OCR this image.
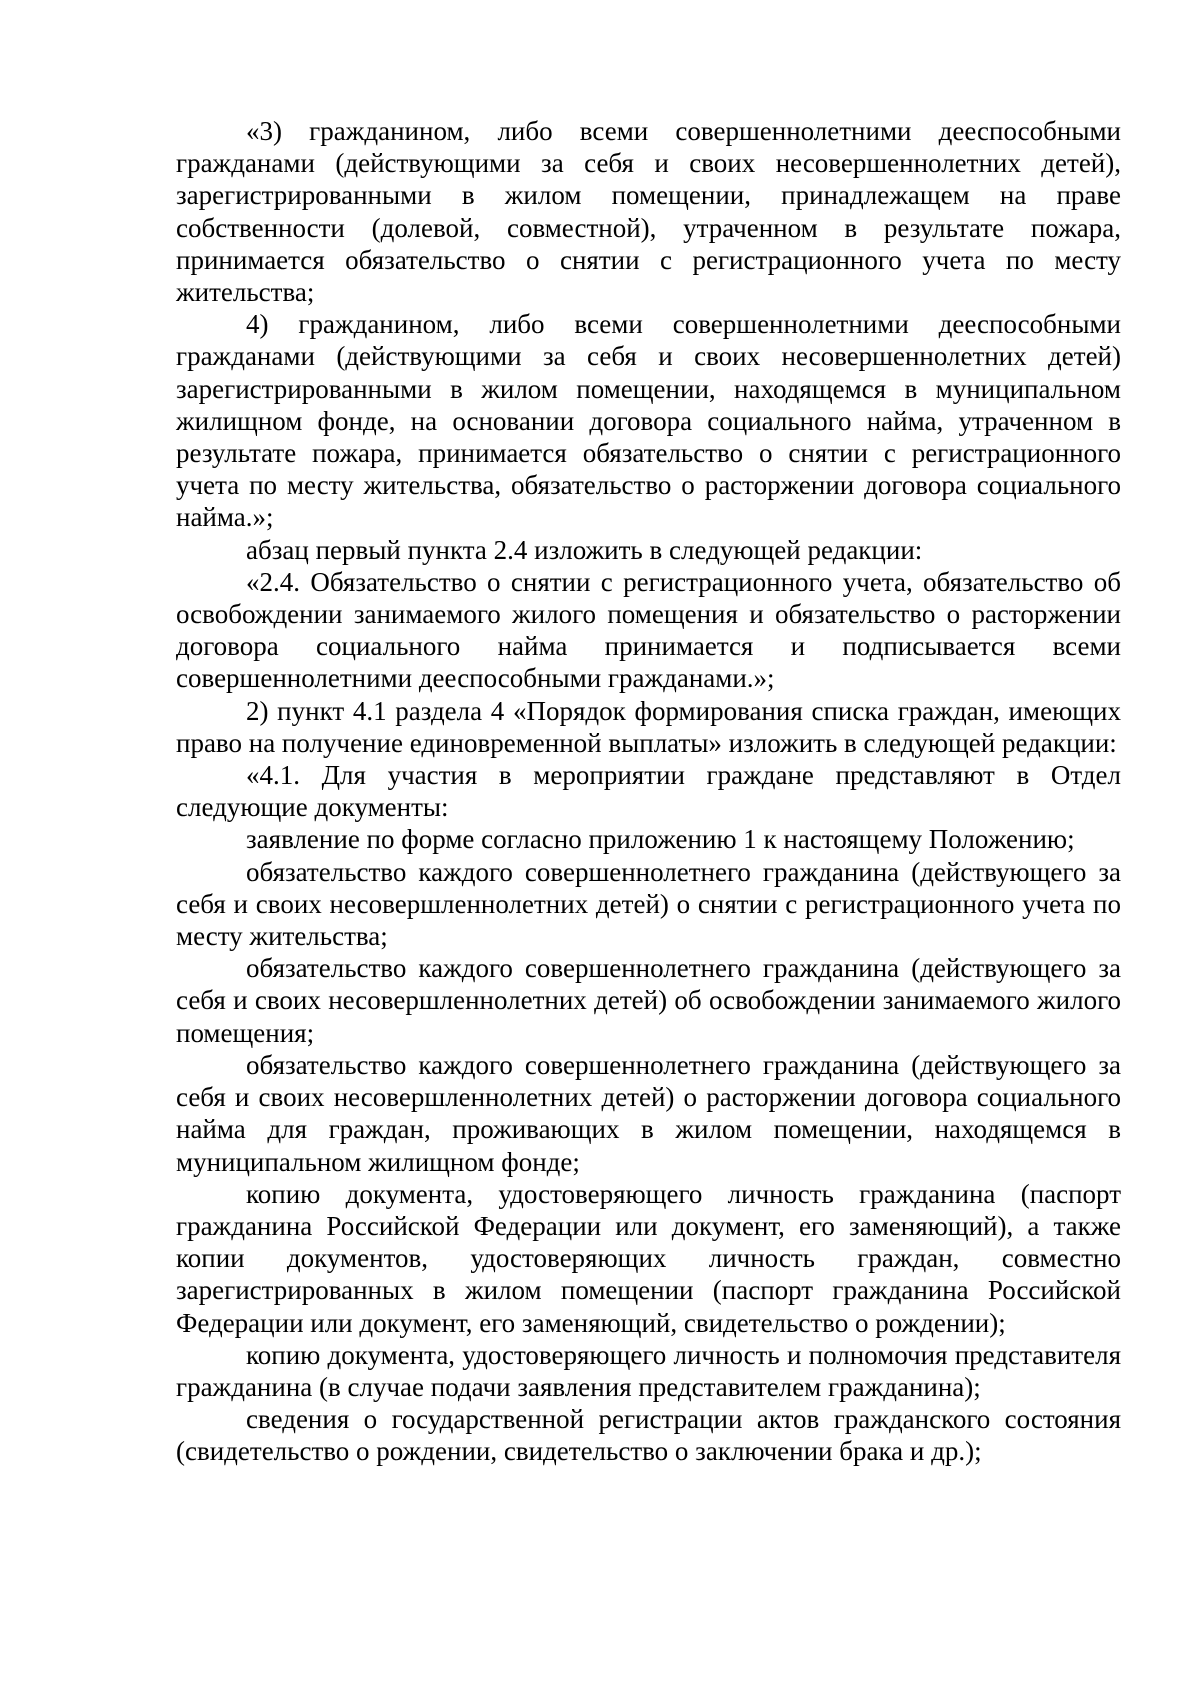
«3) гражданином, либо всеми совершеннолетними дееспособными гражданами (действующими за себя и своих несовершеннолетних детей), зарегистрированными в жилом помещении, принадлежащем на праве собственности (долевой, совместной), утраченном в результате пожара, принимается обязательство о снятии с регистрационного учета по месту жительства;

4) гражданином, либо всеми совершеннолетними дееспособными гражданами (действующими за себя и своих несовершеннолетних детей) зарегистрированными в жилом помещении, находящемся в муниципальном жилищном фонде, на основании договора социального найма, утраченном в результате пожара, принимается обязательство о снятии с регистрационного учета по месту жительства, обязательство о расторжении договора социального найма.»;

абзац первый пункта 2.4 изложить в следующей редакции:

«2.4. Обязательство о снятии с регистрационного учета, обязательство об освобождении занимаемого жилого помещения и обязательство о расторжении договора социального найма принимается и подписывается всеми совершеннолетними дееспособными гражданами.»;

2) пункт 4.1 раздела 4 «Порядок формирования списка граждан, имеющих право на получение единовременной выплаты» изложить в следующей редакции:

«4.1. Для участия в мероприятии граждане представляют в Отдел следующие документы:

заявление по форме согласно приложению 1 к настоящему Положению;

обязательство каждого совершеннолетнего гражданина (действующего за себя и своих несовершленнолетних детей) о снятии с регистрационного учета по месту жительства;

обязательство каждого совершеннолетнего гражданина (действующего за себя и своих несовершленнолетних детей) об освобождении занимаемого жилого помещения;

обязательство каждого совершеннолетнего гражданина (действующего за себя и своих несовершленнолетних детей) о расторжении договора социального найма для граждан, проживающих в жилом помещении, находящемся в муниципальном жилищном фонде;

копию документа, удостоверяющего личность гражданина (паспорт гражданина Российской Федерации или документ, его заменяющий), а также копии документов, удостоверяющих личность граждан, совместно зарегистрированных в жилом помещении (паспорт гражданина Российской Федерации или документ, его заменяющий, свидетельство о рождении);

копию документа, удостоверяющего личность и полномочия представителя гражданина (в случае подачи заявления представителем гражданина);

сведения о государственной регистрации актов гражданского состояния (свидетельство о рождении, свидетельство о заключении брака и др.);
